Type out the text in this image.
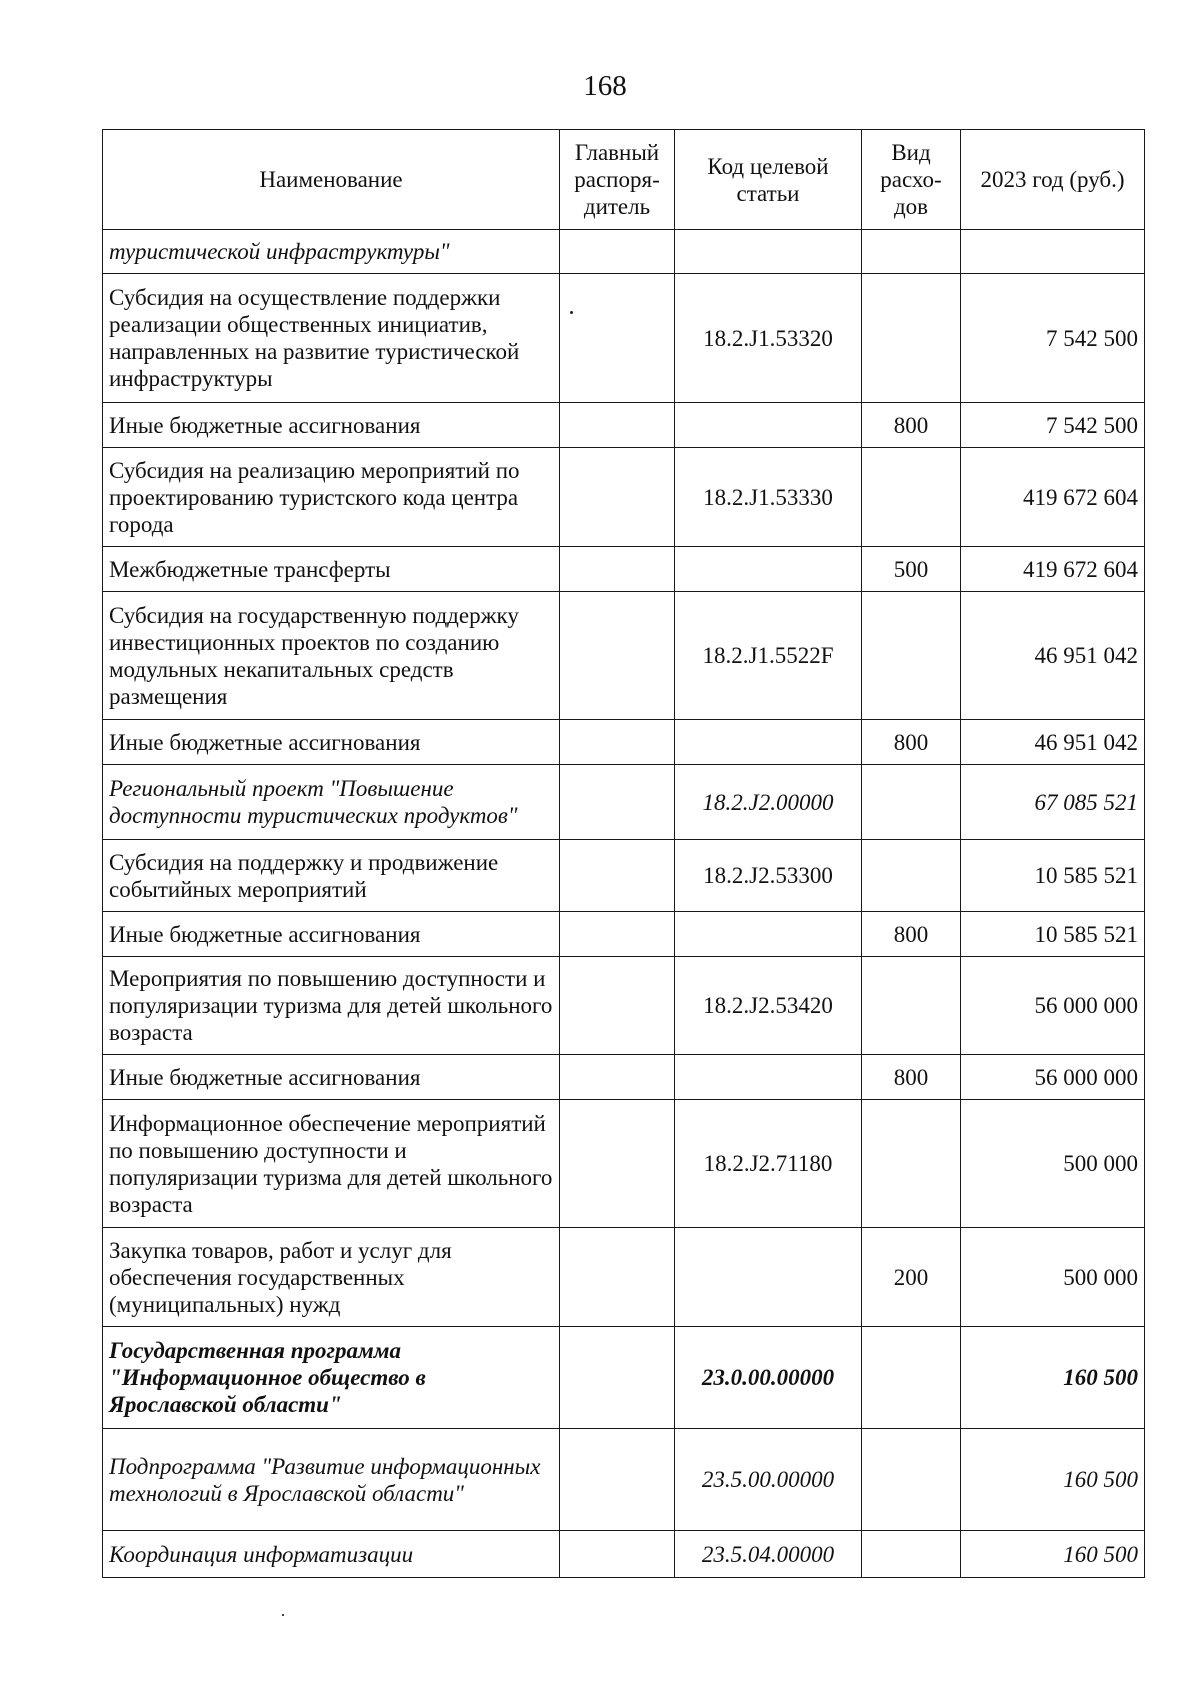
168
Наименование	Главный распоря- дитель	Код целевой статьи	Вид расхо- дов	2023 год (руб.)
туристической инфраструктуры"				
Субсидия на осуществление поддержки реализации общественных инициатив, направленных на развитие туристической инфраструктуры		18.2.J1.53320		7 542 500
Иные бюджетные ассигнования			800	7 542 500
Субсидия на реализацию мероприятий по проектированию туристского кода центра города		18.2.J1.53330		419 672 604
Межбюджетные трансферты			500	419 672 604
Субсидия на государственную поддержку инвестиционных проектов по созданию модульных некапитальных средств размещения		18.2.J1.5522F		46 951 042
Иные бюджетные ассигнования			800	46 951 042
Региональный проект "Повышение доступности туристических продуктов"		18.2.J2.00000		67 085 521
Субсидия на поддержку и продвижение событийных мероприятий		18.2.J2.53300		10 585 521
Иные бюджетные ассигнования			800	10 585 521
Мероприятия по повышению доступности и популяризации туризма для детей школьного возраста		18.2.J2.53420		56 000 000
Иные бюджетные ассигнования			800	56 000 000
Информационное обеспечение мероприятий по повышению доступности и популяризации туризма для детей школьного возраста		18.2.J2.71180		500 000
Закупка товаров, работ и услуг для обеспечения государственных (муниципальных) нужд			200	500 000
Государственная программа "Информационное общество в Ярославской области"		23.0.00.00000		160 500
Подпрограмма "Развитие информационных технологий в Ярославской области"		23.5.00.00000		160 500
Координация информатизации		23.5.04.00000		160 500
